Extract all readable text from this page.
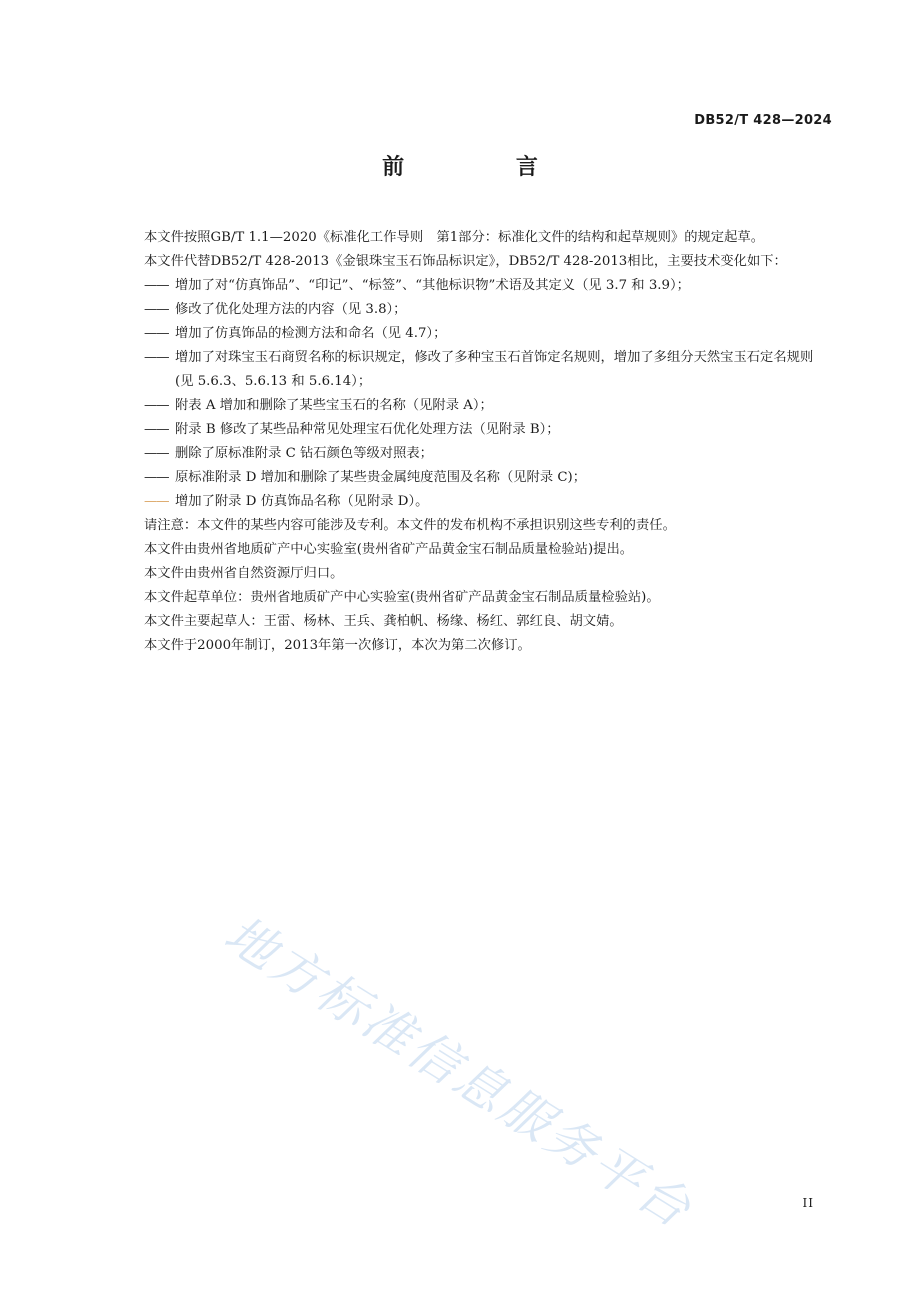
DB52/T 428—2024
前 言

本文件按照GB/T 1.1—2020《标准化工作导则　第1部分：标准化文件的结构和起草规则》的规定起草。

本文件代替DB52/T 428-2013《金银珠宝玉石饰品标识定》，DB52/T 428-2013相比，主要技术变化如下：

—— 增加了对“仿真饰品”、“印记”、“标签”、“其他标识物”术语及其定义（见 3.7 和 3.9）；

—— 修改了优化处理方法的内容（见 3.8）；

—— 增加了仿真饰品的检测方法和命名（见 4.7）；

—— 增加了对珠宝玉石商贸名称的标识规定，修改了多种宝玉石首饰定名规则，增加了多组分天然宝玉石定名规则 (见 5.6.3、5.6.13 和 5.6.14）；

—— 附表 A 增加和删除了某些宝玉石的名称（见附录 A）；

—— 附录 B 修改了某些品种常见处理宝石优化处理方法（见附录 B）；

—— 删除了原标准附录 C 钻石颜色等级对照表；

—— 原标准附录 D 增加和删除了某些贵金属纯度范围及名称（见附录 C)；

—— 增加了附录 D 仿真饰品名称（见附录 D）。

请注意：本文件的某些内容可能涉及专利。本文件的发布机构不承担识别这些专利的责任。

本文件由贵州省地质矿产中心实验室(贵州省矿产品黄金宝石制品质量检验站)提出。

本文件由贵州省自然资源厅归口。

本文件起草单位：贵州省地质矿产中心实验室(贵州省矿产品黄金宝石制品质量检验站)。

本文件主要起草人：王雷、杨林、王兵、龚柏帆、杨缘、杨红、郭红良、胡文婧。

本文件于2000年制订，2013年第一次修订，本次为第二次修订。

地方标准信息服务平台	II
